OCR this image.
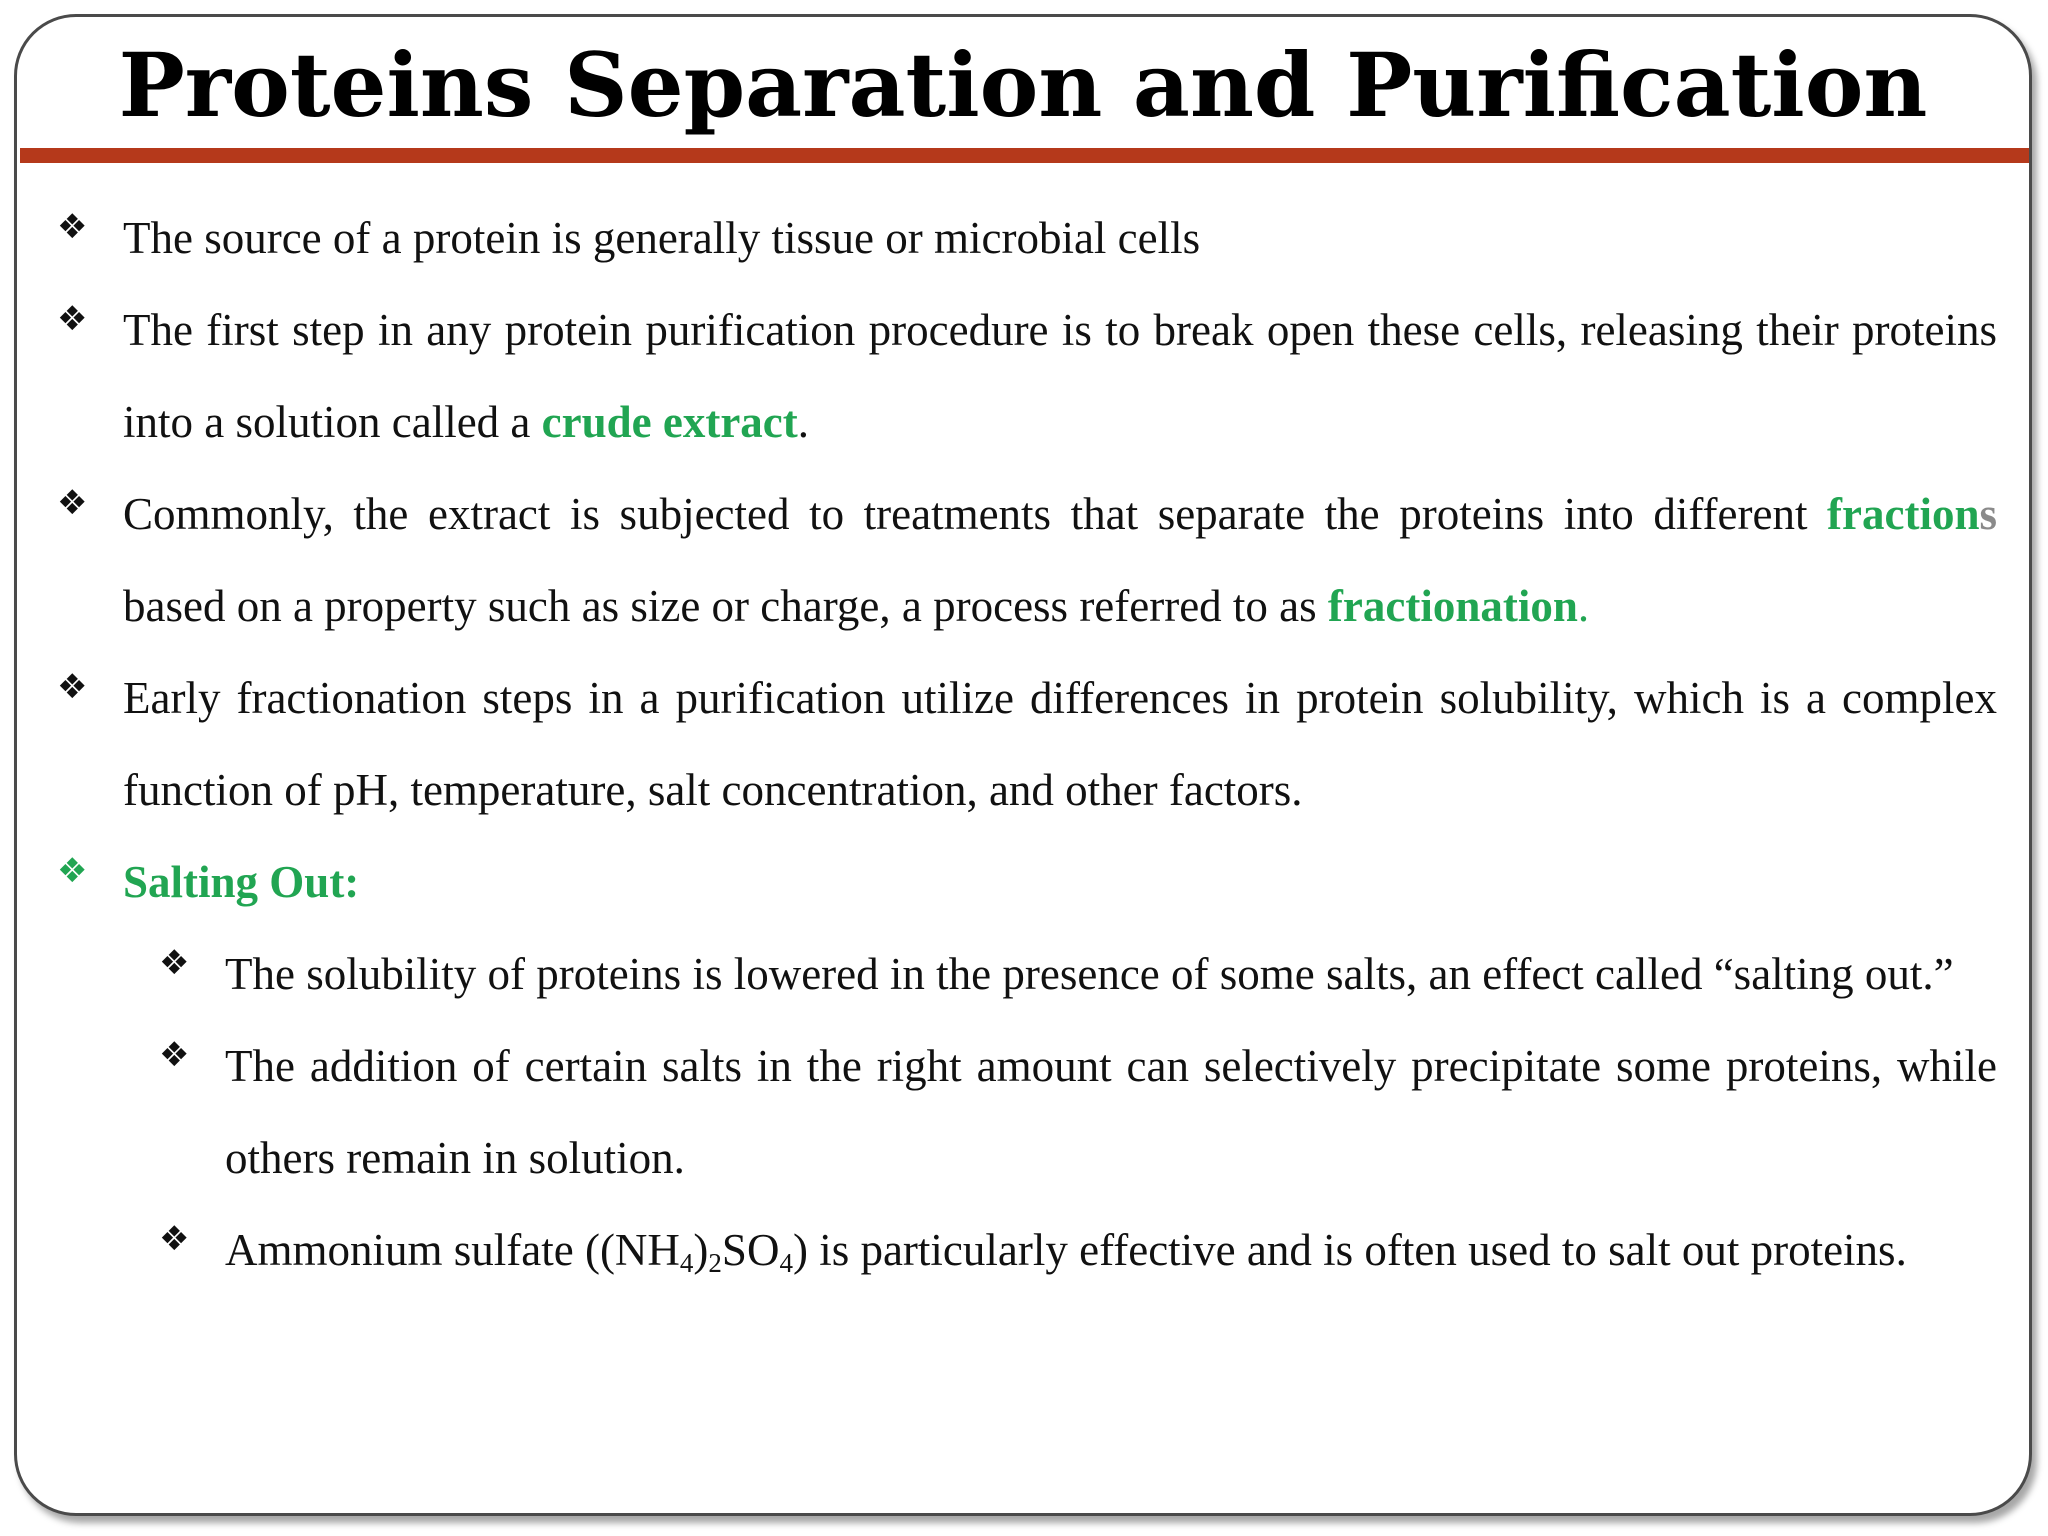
Proteins Separation and Purification
❖ The source of a protein is generally tissue or microbial cells
❖ The first step in any protein purification procedure is to break open these cells, releasing their proteins into a solution called a crude extract.
❖ Commonly, the extract is subjected to treatments that separate the proteins into different fractions based on a property such as size or charge, a process referred to as fractionation.
❖ Early fractionation steps in a purification utilize differences in protein solubility, which is a complex function of pH, temperature, salt concentration, and other factors.
❖ Salting Out:
❖ The solubility of proteins is lowered in the presence of some salts, an effect called “salting out.”
❖ The addition of certain salts in the right amount can selectively precipitate some proteins, while others remain in solution.
❖ Ammonium sulfate $((NH_4)_2SO_4)$ is particularly effective and is often used to salt out proteins.
